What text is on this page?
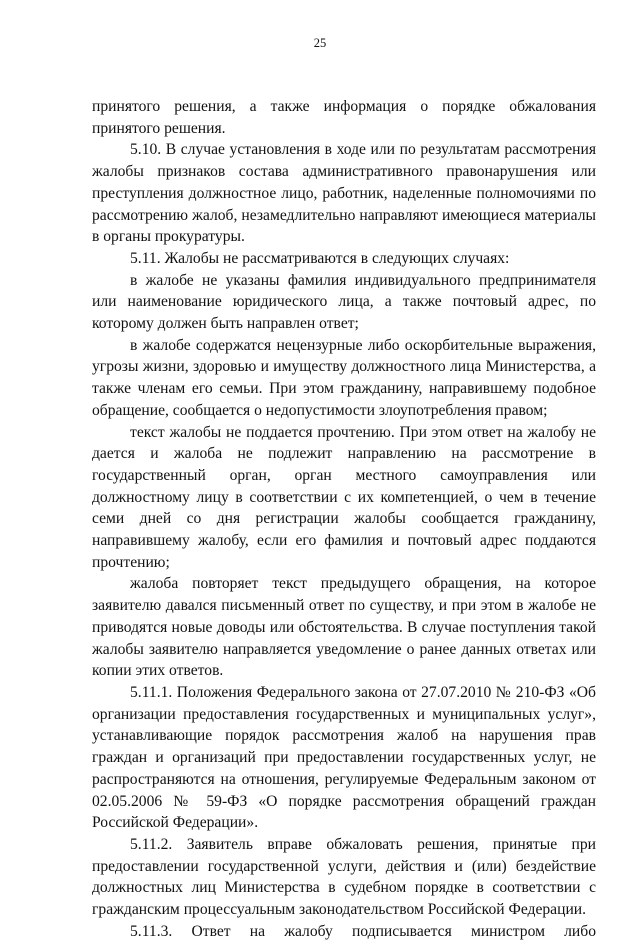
25

принятого решения, а также информация о порядке обжалования принятого решения.

5.10. В случае установления в ходе или по результатам рассмотрения жалобы признаков состава административного правонарушения или преступления должностное лицо, работник, наделенные полномочиями по рассмотрению жалоб, незамедлительно направляют имеющиеся материалы в органы прокуратуры.

5.11. Жалобы не рассматриваются в следующих случаях:

в жалобе не указаны фамилия индивидуального предпринимателя или наименование юридического лица, а также почтовый адрес, по которому должен быть направлен ответ;

в жалобе содержатся нецензурные либо оскорбительные выражения, угрозы жизни, здоровью и имуществу должностного лица Министерства, а также членам его семьи. При этом гражданину, направившему подобное обращение, сообщается о недопустимости злоупотребления правом;

текст жалобы не поддается прочтению. При этом ответ на жалобу не дается и жалоба не подлежит направлению на рассмотрение в государственный орган, орган местного самоуправления или должностному лицу в соответствии с их компетенцией, о чем в течение семи дней со дня регистрации жалобы сообщается гражданину, направившему жалобу, если его фамилия и почтовый адрес поддаются прочтению;

жалоба повторяет текст предыдущего обращения, на которое заявителю давался письменный ответ по существу, и при этом в жалобе не приводятся новые доводы или обстоятельства. В случае поступления такой жалобы заявителю направляется уведомление о ранее данных ответах или копии этих ответов.

5.11.1. Положения Федерального закона от 27.07.2010 № 210-ФЗ «Об организации предоставления государственных и муниципальных услуг», устанавливающие порядок рассмотрения жалоб на нарушения прав граждан и организаций при предоставлении государственных услуг, не распространяются на отношения, регулируемые Федеральным законом от 02.05.2006 № 59-ФЗ «О порядке рассмотрения обращений граждан Российской Федерации».

5.11.2. Заявитель вправе обжаловать решения, принятые при предоставлении государственной услуги, действия и (или) бездействие должностных лиц Министерства в судебном порядке в соответствии с гражданским процессуальным законодательством Российской Федерации.

5.11.3. Ответ на жалобу подписывается министром либо
